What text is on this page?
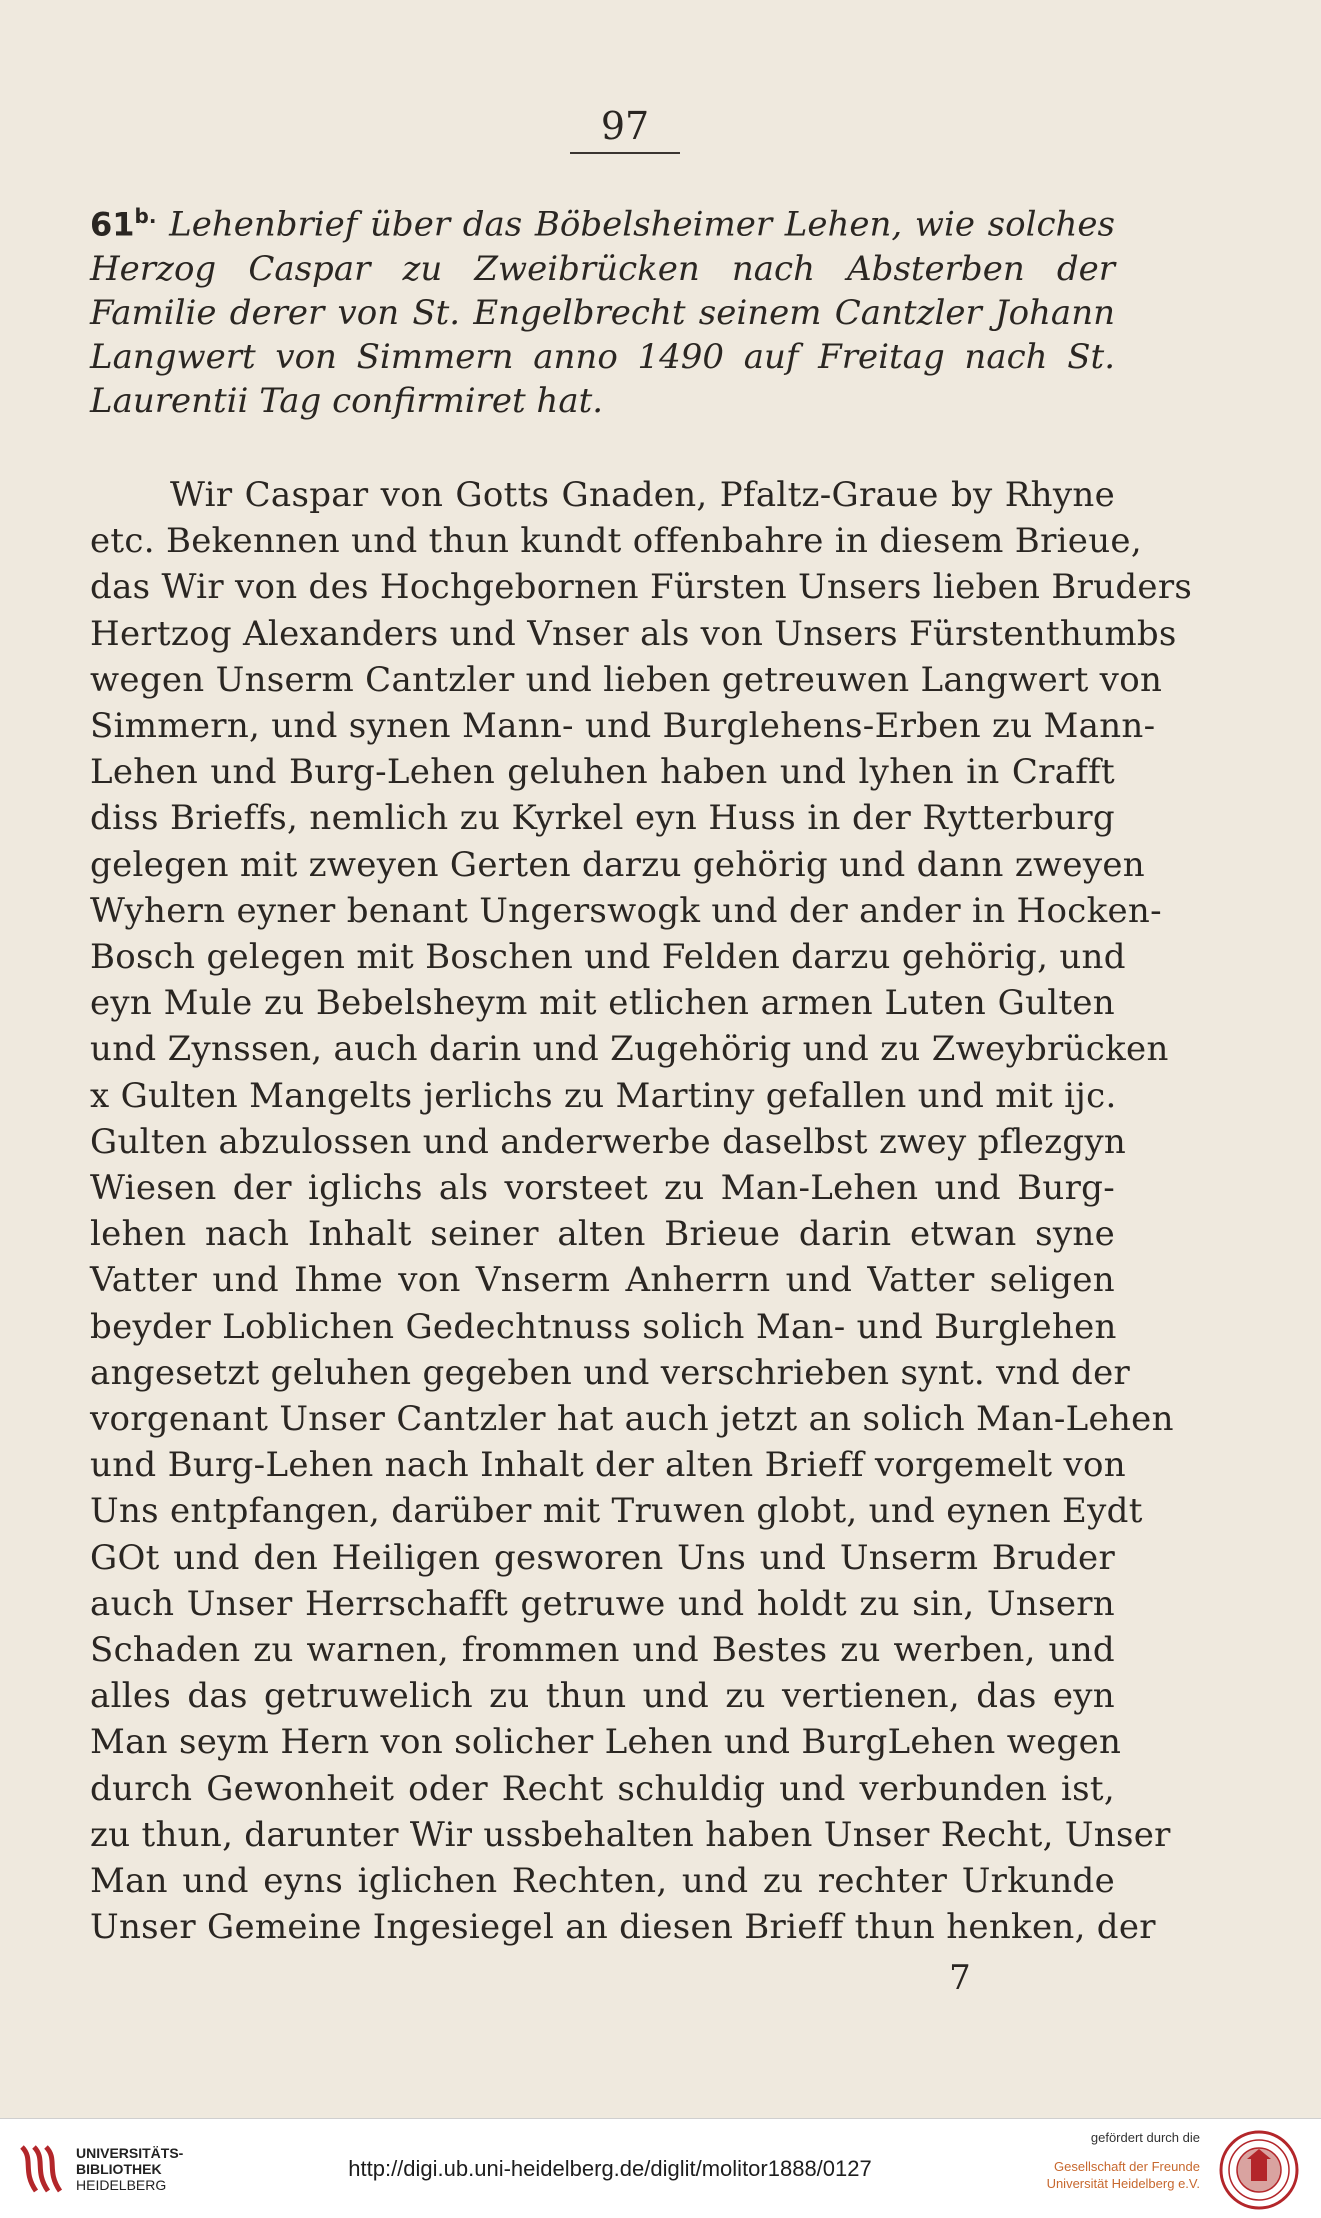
97
$61^{b.}$ Lehenbrief über das Böbelsheimer Lehen, wie solches Herzog Caspar zu Zweibrücken nach Absterben der Familie derer von St. Engelbrecht seinem Cantzler Johann Langwert von Simmern anno 1490 auf Freitag nach St. Laurentii Tag confirmiret hat.
Wir Caspar von Gotts Gnaden, Pfaltz-Graue by Rhyne
etc. Bekennen und thun kundt offenbahre in diesem Brieue,
das Wir von des Hochgebornen Fürsten Unsers lieben Bruders
Hertzog Alexanders und Vnser als von Unsers Fürstenthumbs
wegen Unserm Cantzler und lieben getreuwen Langwert von
Simmern, und synen Mann- und Burglehens-Erben zu Mann-
Lehen und Burg-Lehen geluhen haben und lyhen in Crafft
diss Brieffs, nemlich zu Kyrkel eyn Huss in der Rytterburg
gelegen mit zweyen Gerten darzu gehörig und dann zweyen
Wyhern eyner benant Ungerswogk und der ander in Hocken-
Bosch gelegen mit Boschen und Felden darzu gehörig, und
eyn Mule zu Bebelsheym mit etlichen armen Luten Gulten
und Zynssen, auch darin und Zugehörig und zu Zweybrücken
x Gulten Mangelts jerlichs zu Martiny gefallen und mit ijc.
Gulten abzulossen und anderwerbe daselbst zwey pflezgyn
Wiesen der iglichs als vorsteet zu Man-Lehen und Burg-
lehen nach Inhalt seiner alten Brieue darin etwan syne
Vatter und Ihme von Vnserm Anherrn und Vatter seligen
beyder Loblichen Gedechtnuss solich Man- und Burglehen
angesetzt geluhen gegeben und verschrieben synt. vnd der
vorgenant Unser Cantzler hat auch jetzt an solich Man-Lehen
und Burg-Lehen nach Inhalt der alten Brieff vorgemelt von
Uns entpfangen, darüber mit Truwen globt, und eynen Eydt
GOt und den Heiligen gesworen Uns und Unserm Bruder
auch Unser Herrschafft getruwe und holdt zu sin, Unsern
Schaden zu warnen, frommen und Bestes zu werben, und
alles das getruwelich zu thun und zu vertienen, das eyn
Man seym Hern von solicher Lehen und BurgLehen wegen
durch Gewonheit oder Recht schuldig und verbunden ist,
zu thun, darunter Wir ussbehalten haben Unser Recht, Unser
Man und eyns iglichen Rechten, und zu rechter Urkunde
Unser Gemeine Ingesiegel an diesen Brieff thun henken, der
7
UNIVERSITÄTS-
BIBLIOTHEK
HEIDELBERG
http://digi.ub.uni-heidelberg.de/diglit/molitor1888/0127
gefördert durch die
Gesellschaft der Freunde
Universität Heidelberg e.V.
